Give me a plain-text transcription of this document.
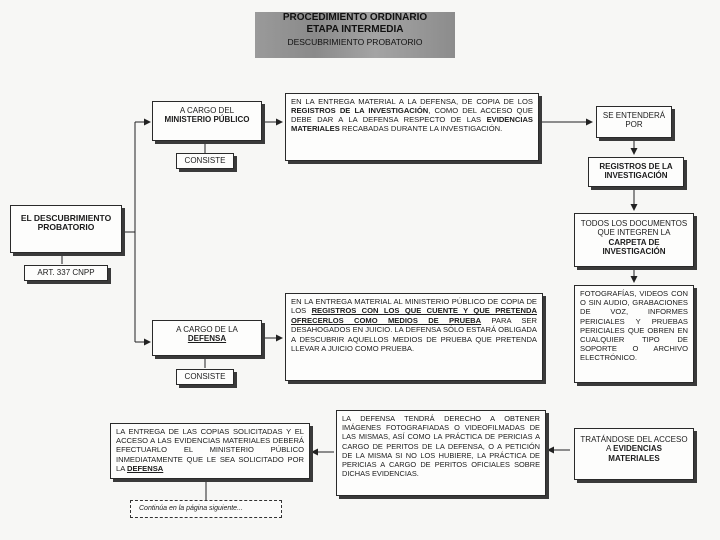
PROCEDIMIENTO ORDINARIO
ETAPA INTERMEDIA
DESCUBRIMIENTO PROBATORIO
EL DESCUBRIMIENTO PROBATORIO
ART. 337 CNPP
A CARGO DEL
MINISTERIO PÚBLICO
CONSISTE
EN LA ENTREGA MATERIAL A LA DEFENSA, DE COPIA DE LOS REGISTROS DE LA INVESTIGACIÓN, COMO DEL ACCESO QUE DEBE DAR A LA DEFENSA RESPECTO DE LAS EVIDENCIAS MATERIALES RECABADAS DURANTE LA INVESTIGACIÓN.
SE ENTENDERÁ POR
REGISTROS DE LA INVESTIGACIÓN
TODOS LOS DOCUMENTOS QUE INTEGREN LA CARPETA DE INVESTIGACIÓN
FOTOGRAFÍAS, VIDEOS CON O SIN AUDIO, GRABACIONES DE VOZ, INFORMES PERICIALES Y PRUEBAS PERICIALES QUE OBREN EN CUALQUIER TIPO DE SOPORTE O ARCHIVO ELECTRÓNICO.
A CARGO DE LA
DEFENSA
CONSISTE
EN LA ENTREGA MATERIAL AL MINISTERIO PÚBLICO DE COPIA DE LOS REGISTROS CON LOS QUE CUENTE Y QUE PRETENDA OFRECERLOS COMO MEDIOS DE PRUEBA PARA SER DESAHOGADOS EN JUICIO. LA DEFENSA SÓLO ESTARÁ OBLIGADA A DESCUBRIR AQUELLOS MEDIOS DE PRUEBA QUE PRETENDA LLEVAR A JUICIO COMO PRUEBA.
TRATÁNDOSE DEL ACCESO A EVIDENCIAS MATERIALES
LA DEFENSA TENDRÁ DERECHO A OBTENER IMÁGENES FOTOGRAFIADAS O VIDEOFILMADAS DE LAS MISMAS, ASÍ COMO LA PRÁCTICA DE PERICIAS A CARGO DE PERITOS DE LA DEFENSA, O A PETICIÓN DE LA MISMA SI NO LOS HUBIERE, LA PRÁCTICA DE PERICIAS A CARGO DE PERITOS OFICIALES SOBRE DICHAS EVIDENCIAS.
LA ENTREGA DE LAS COPIAS SOLICITADAS Y EL ACCESO A LAS EVIDENCIAS MATERIALES DEBERÁ EFECTUARLO EL MINISTERIO PÚBLICO INMEDIATAMENTE QUE LE SEA SOLICITADO POR LA DEFENSA
Continúa en la página siguiente...
